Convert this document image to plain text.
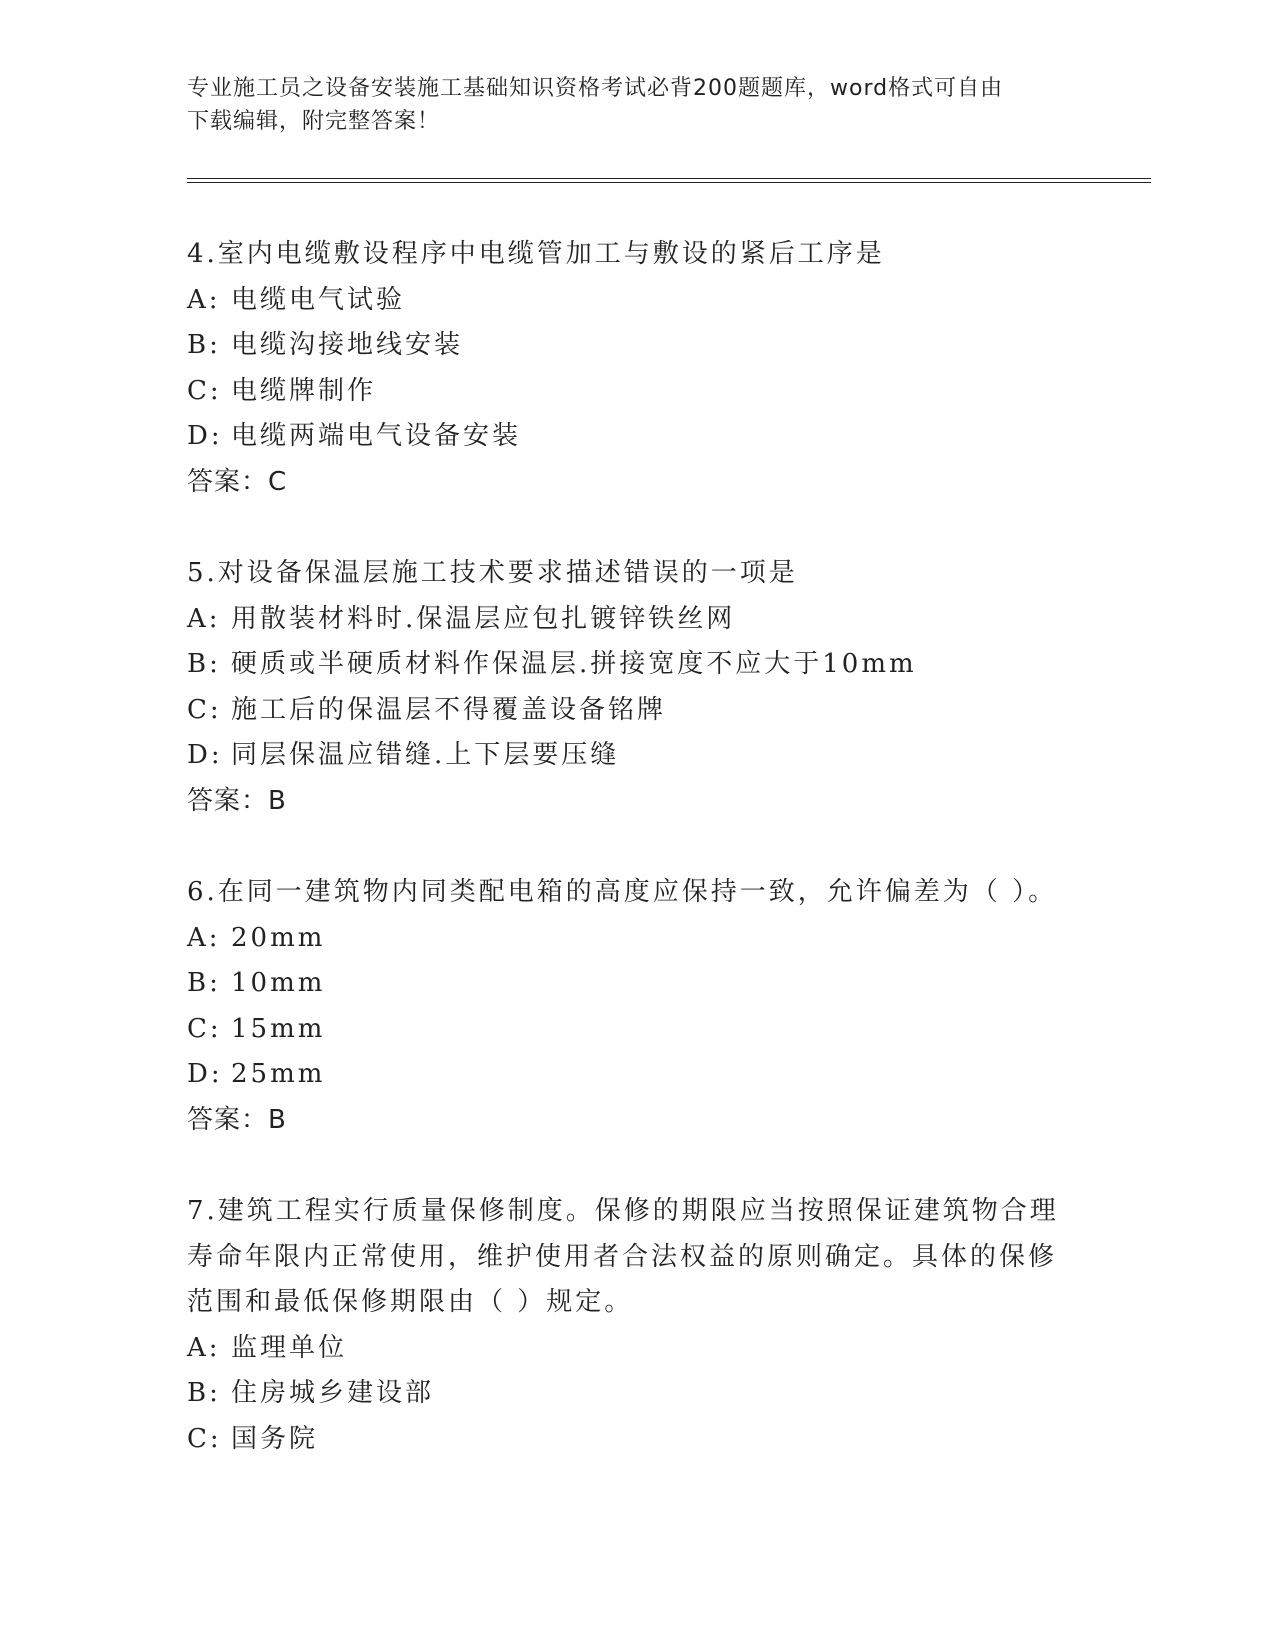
专业施工员之设备安装施工基础知识资格考试必背200题题库，word格式可自由
下载编辑，附完整答案！
4.室内电缆敷设程序中电缆管加工与敷设的紧后工序是
A: 电缆电气试验
B: 电缆沟接地线安装
C: 电缆牌制作
D: 电缆两端电气设备安装
答案：C
5.对设备保温层施工技术要求描述错误的一项是
A: 用散装材料时.保温层应包扎镀锌铁丝网
B: 硬质或半硬质材料作保温层.拼接宽度不应大于10mm
C: 施工后的保温层不得覆盖设备铭牌
D: 同层保温应错缝.上下层要压缝
答案：B
6.在同一建筑物内同类配电箱的高度应保持一致，允许偏差为（ ）。
A: 20mm
B: 10mm
C: 15mm
D: 25mm
答案：B
7.建筑工程实行质量保修制度。保修的期限应当按照保证建筑物合理
寿命年限内正常使用，维护使用者合法权益的原则确定。具体的保修
范围和最低保修期限由（ ）规定。
A: 监理单位
B: 住房城乡建设部
C: 国务院
